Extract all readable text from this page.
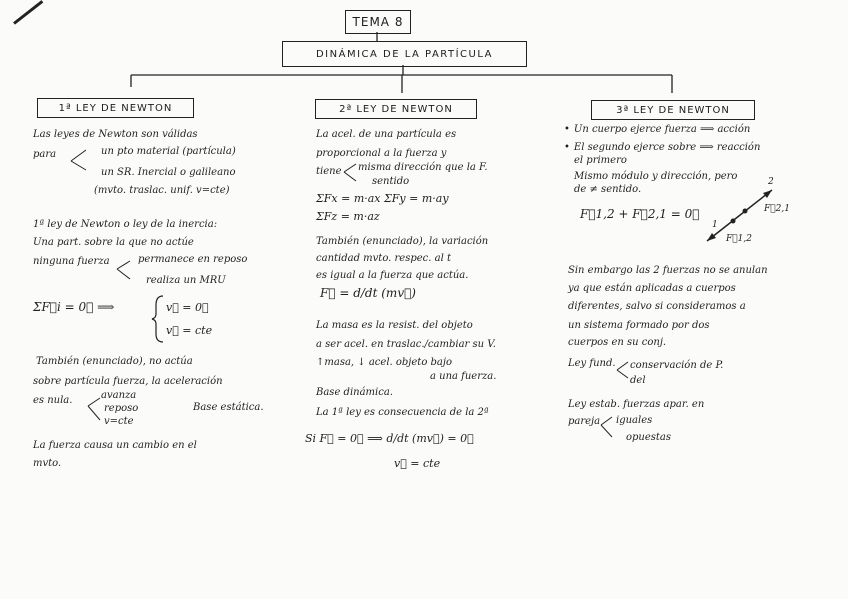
TEMA 8
DINÁMICA DE LA PARTÍCULA
1ª LEY DE NEWTON
Las leyes de Newton son válidas
para	un pto material (partícula)
un SR. Inercial o galileano
(mvto. traslac. unif. v=cte)
1ª ley de Newton o ley de la inercia:
Una part. sobre la que no actúe
ninguna fuerza	permanece en reposo
realiza un MRU
ΣF⃗i = 0⃗ ⟹	v⃗ = 0⃗
v⃗ = cte
También (enunciado), no actúa
sobre partícula fuerza, la aceleración
es nula.	avanza
reposo
v=cte
Base estática.
La fuerza causa un cambio en el
mvto.
2ª LEY DE NEWTON
La acel. de una partícula es
proporcional a la fuerza y
tiene misma dirección que la F.
sentido
ΣFx = m·ax ΣFy = m·ay
ΣFz = m·az
También (enunciado), la variación
cantidad mvto. respec. al t
es igual a la fuerza que actúa.
F⃗ = d/dt (mv⃗)
La masa es la resist. del objeto
a ser acel. en traslac./cambiar su V.
↑masa, ↓ acel. objeto bajo
a una fuerza.
Base dinámica.
La 1ª ley es consecuencia de la 2ª
Si F⃗ = 0⃗ ⟹ d/dt (mv⃗) = 0⃗
v⃗ = cte
3ª LEY DE NEWTON
• Un cuerpo ejerce fuerza ⟹ acción
• El segundo ejerce sobre ⟹ reacción
el primero
Mismo módulo y dirección, pero
de ≠ sentido.
F⃗1,2 + F⃗2,1 = 0⃗
2
1
F⃗2,1
F⃗1,2
Sin embargo las 2 fuerzas no se anulan
ya que están aplicadas a cuerpos
diferentes, salvo si consideramos a
un sistema formado por dos
cuerpos en su conj.
Ley fund. conservación de P.
del
Ley estab. fuerzas apar. en
pareja iguales
opuestas
